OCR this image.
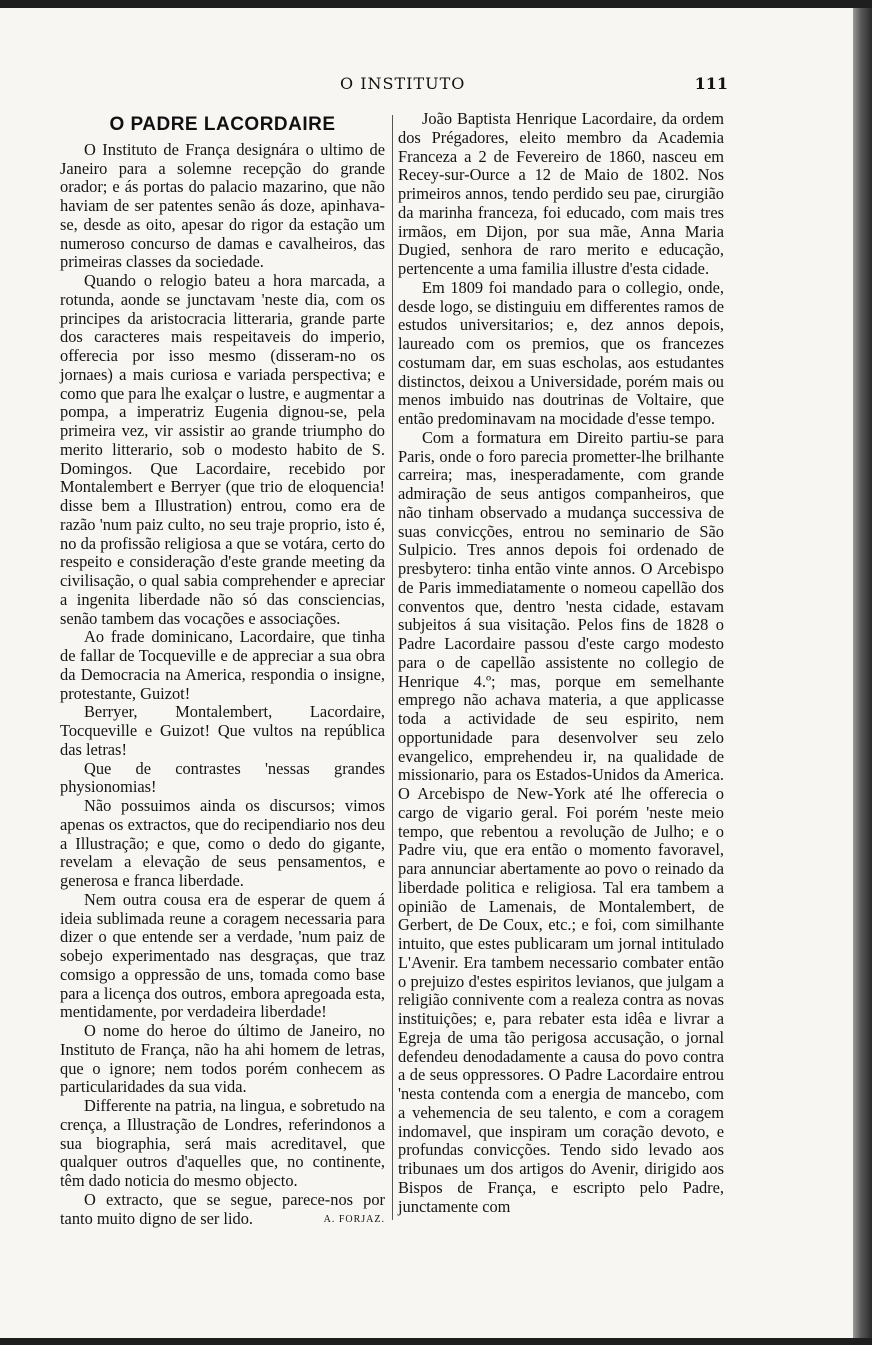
O INSTITUTO	111
O PADRE LACORDAIRE

O Instituto de França designára o ultimo de Janeiro para a solemne recepção do grande orador; e ás portas do palacio mazarino, que não haviam de ser patentes senão ás doze, apinhava-se, desde as oito, apesar do rigor da estação um numeroso concurso de damas e cavalheiros, das primeiras classes da sociedade.

Quando o relogio bateu a hora marcada, a rotunda, aonde se junctavam 'neste dia, com os principes da aristocracia litteraria, grande parte dos caracteres mais respeitaveis do imperio, offerecia por isso mesmo (disseram-no os jornaes) a mais curiosa e variada perspectiva; e como que para lhe exalçar o lustre, e augmentar a pompa, a imperatriz Eugenia dignou-se, pela primeira vez, vir assistir ao grande triumpho do merito litterario, sob o modesto habito de S. Domingos. Que Lacordaire, recebido por Montalembert e Berryer (que trio de eloquencia! disse bem a Illustration) entrou, como era de razão 'num paiz culto, no seu traje proprio, isto é, no da profissão religiosa a que se votára, certo do respeito e consideração d'este grande meeting da civilisação, o qual sabia comprehender e apreciar a ingenita liberdade não só das consciencias, senão tambem das vocações e associações.

Ao frade dominicano, Lacordaire, que tinha de fallar de Tocqueville e de appreciar a sua obra da Democracia na America, respondia o insigne, protestante, Guizot!

Berryer, Montalembert, Lacordaire, Tocqueville e Guizot! Que vultos na república das letras!

Que de contrastes 'nessas grandes physionomias!

Não possuimos ainda os discursos; vimos apenas os extractos, que do recipendiario nos deu a Illustração; e que, como o dedo do gigante, revelam a elevação de seus pensamentos, e generosa e franca liberdade.

Nem outra cousa era de esperar de quem á ideia sublimada reune a coragem necessaria para dizer o que entende ser a verdade, 'num paiz de sobejo experimentado nas desgraças, que traz comsigo a oppressão de uns, tomada como base para a licença dos outros, embora apregoada esta, mentidamente, por verdadeira liberdade!

O nome do heroe do último de Janeiro, no Instituto de França, não ha ahi homem de letras, que o ignore; nem todos porém conhecem as particularidades da sua vida.

Differente na patria, na lingua, e sobretudo na crença, a Illustração de Londres, referindonos a sua biographia, será mais acreditavel, que qualquer outros d'aquelles que, no continente, têm dado noticia do mesmo objecto.

O extracto, que se segue, parece-nos por tanto muito digno de ser lido.	A. FORJAZ.

João Baptista Henrique Lacordaire, da ordem dos Prégadores, eleito membro da Academia Franceza a 2 de Fevereiro de 1860, nasceu em Recey-sur-Ource a 12 de Maio de 1802. Nos primeiros annos, tendo perdido seu pae, cirurgião da marinha franceza, foi educado, com mais tres irmãos, em Dijon, por sua mãe, Anna Maria Dugied, senhora de raro merito e educação, pertencente a uma familia illustre d'esta cidade.

Em 1809 foi mandado para o collegio, onde, desde logo, se distinguiu em differentes ramos de estudos universitarios; e, dez annos depois, laureado com os premios, que os francezes costumam dar, em suas escholas, aos estudantes distinctos, deixou a Universidade, porém mais ou menos imbuido nas doutrinas de Voltaire, que então predominavam na mocidade d'esse tempo.

Com a formatura em Direito partiu-se para Paris, onde o foro parecia prometter-lhe brilhante carreira; mas, inesperadamente, com grande admiração de seus antigos companheiros, que não tinham observado a mudança successiva de suas convicções, entrou no seminario de São Sulpicio. Tres annos depois foi ordenado de presbytero: tinha então vinte annos. O Arcebispo de Paris immediatamente o nomeou capellão dos conventos que, dentro 'nesta cidade, estavam subjeitos á sua visitação. Pelos fins de 1828 o Padre Lacordaire passou d'este cargo modesto para o de capellão assistente no collegio de Henrique 4.º; mas, porque em semelhante emprego não achava materia, a que applicasse toda a actividade de seu espirito, nem opportunidade para desenvolver seu zelo evangelico, emprehendeu ir, na qualidade de missionario, para os Estados-Unidos da America. O Arcebispo de New-York até lhe offerecia o cargo de vigario geral. Foi porém 'neste meio tempo, que rebentou a revolução de Julho; e o Padre viu, que era então o momento favoravel, para annunciar abertamente ao povo o reinado da liberdade politica e religiosa. Tal era tambem a opinião de Lamenais, de Montalembert, de Gerbert, de De Coux, etc.; e foi, com similhante intuito, que estes publicaram um jornal intitulado L'Avenir. Era tambem necessario combater então o prejuizo d'estes espiritos levianos, que julgam a religião connivente com a realeza contra as novas instituições; e, para rebater esta idêa e livrar a Egreja de uma tão perigosa accusação, o jornal defendeu denodadamente a causa do povo contra a de seus oppressores. O Padre Lacordaire entrou 'nesta contenda com a energia de mancebo, com a vehemencia de seu talento, e com a coragem indomavel, que inspiram um coração devoto, e profundas convicções. Tendo sido levado aos tribunaes um dos artigos do Avenir, dirigido aos Bispos de França, e escripto pelo Padre, junctamente com
